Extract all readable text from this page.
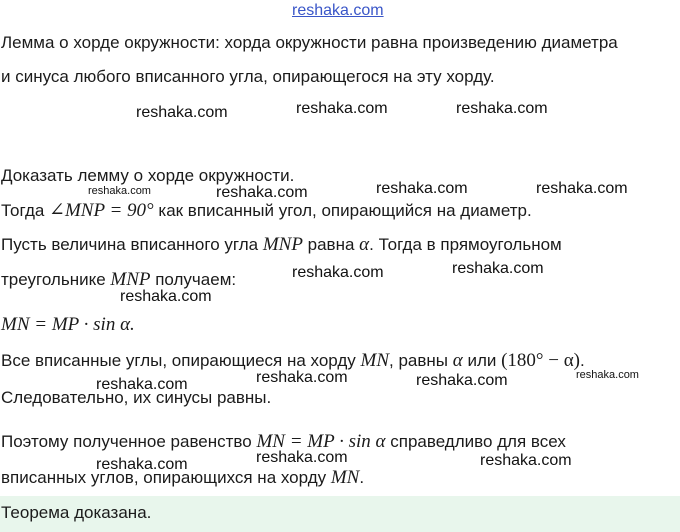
reshaka.com
Лемма о хорде окружности: хорда окружности равна произведению диаметра
и синуса любого вписанного угла, опирающегося на эту хорду.
reshaka.com	reshaka.com	reshaka.com
Доказать лемму о хорде окружности.
reshaka.com	reshaka.com	reshaka.com	reshaka.com
Тогда ∠MNP = 90° как вписанный угол, опирающийся на диаметр.
Пусть величина вписанного угла MNP равна α. Тогда в прямоугольном
треугольнике MNP получаем:	reshaka.com	reshaka.com
reshaka.com
MN = MP · sin α.
Все вписанные углы, опирающиеся на хорду MN, равны α или (180° − α).
reshaka.com	reshaka.com	reshaka.com	reshaka.com
Следовательно, их синусы равны.
Поэтому полученное равенство MN = MP · sin α справедливо для всех
reshaka.com	reshaka.com	reshaka.com
вписанных углов, опирающихся на хорду MN.
Теорема доказана.
